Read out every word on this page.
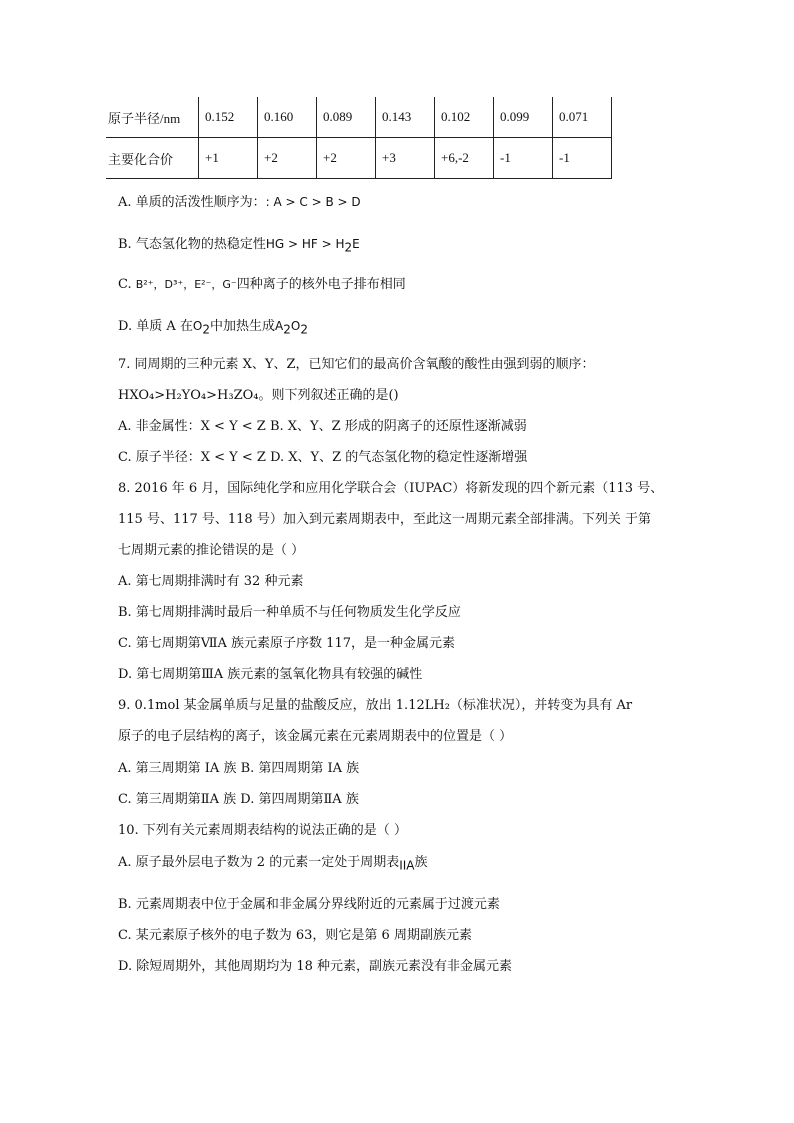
原子半径/nm	0.152	0.160	0.089	0.143	0.102	0.099	0.071
主要化合价	+1	+2	+2	+3	+6,-2	-1	-1
A. 单质的活泼性顺序为：: A > C > B > D
B. 气态氢化物的热稳定性HG > HF > $H_2E$
C. B²⁺，D³⁺，E²⁻，G⁻四种离子的核外电子排布相同
D. 单质 A 在$O_2$中加热生成$A_2O_2$
7. 同周期的三种元素 X、Y、Z，已知它们的最高价含氧酸的酸性由强到弱的顺序：
HXO₄>H₂YO₄>H₃ZO₄。则下列叙述正确的是()
A. 非金属性：X < Y < Z B. X、Y、Z 形成的阴离子的还原性逐渐减弱
C. 原子半径：X < Y < Z D. X、Y、Z 的气态氢化物的稳定性逐渐增强
8. 2016 年 6 月，国际纯化学和应用化学联合会（IUPAC）将新发现的四个新元素（113 号、
115 号、117 号、118 号）加入到元素周期表中，至此这一周期元素全部排满。下列关 于第
七周期元素的推论错误的是（ ）
A. 第七周期排满时有 32 种元素
B. 第七周期排满时最后一种单质不与任何物质发生化学反应
C. 第七周期第ⅦA 族元素原子序数 117，是一种金属元素
D. 第七周期第ⅢA 族元素的氢氧化物具有较强的碱性
9. 0.1mol 某金属单质与足量的盐酸反应，放出 1.12LH₂（标准状况），并转变为具有 Ar
原子的电子层结构的离子，该金属元素在元素周期表中的位置是（ ）
A. 第三周期第 IA 族 B. 第四周期第 IA 族
C. 第三周期第ⅡA 族 D. 第四周期第ⅡA 族
10. 下列有关元素周期表结构的说法正确的是（ ）
A. 原子最外层电子数为 2 的元素一定处于周期表$_{IIA}$族
B. 元素周期表中位于金属和非金属分界线附近的元素属于过渡元素
C. 某元素原子核外的电子数为 63，则它是第 6 周期副族元素
D. 除短周期外，其他周期均为 18 种元素，副族元素没有非金属元素
